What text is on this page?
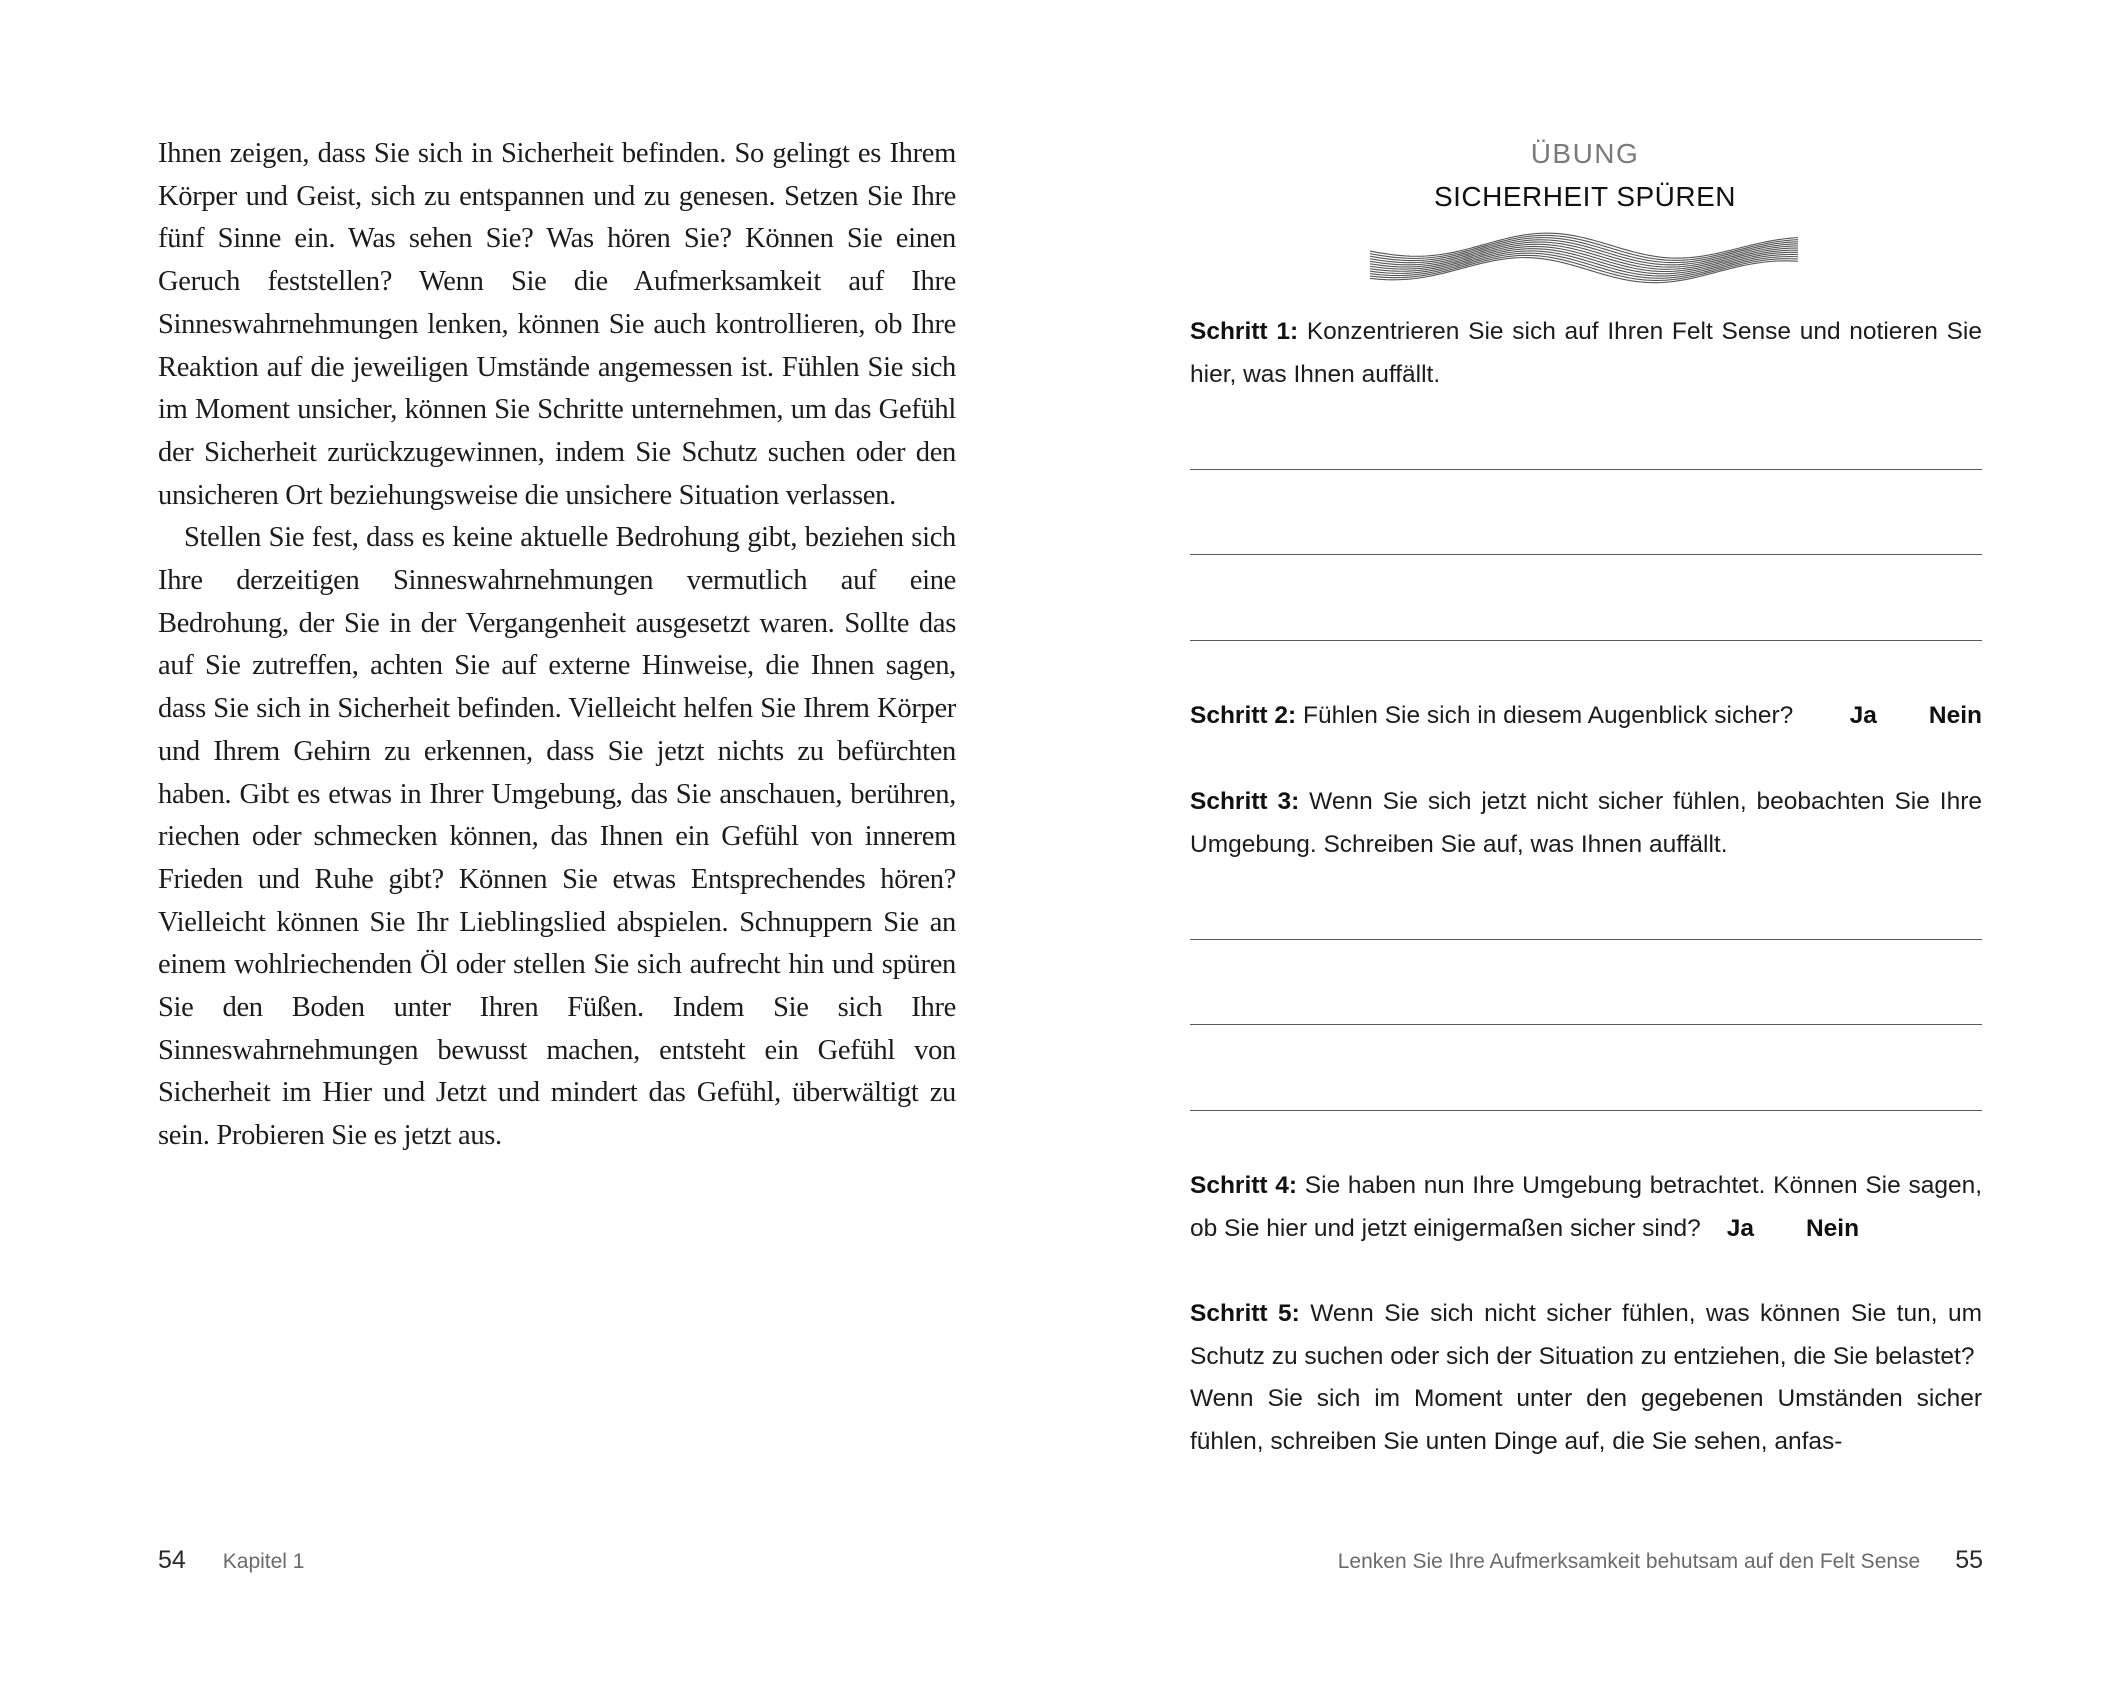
Ihnen zeigen, dass Sie sich in Sicherheit befinden. So gelingt es Ihrem Körper und Geist, sich zu entspannen und zu genesen. Setzen Sie Ihre fünf Sinne ein. Was sehen Sie? Was hören Sie? Können Sie einen Geruch feststellen? Wenn Sie die Aufmerksamkeit auf Ihre Sinneswahrnehmungen lenken, können Sie auch kontrollieren, ob Ihre Reaktion auf die jeweiligen Umstände angemessen ist. Fühlen Sie sich im Moment unsicher, können Sie Schritte unternehmen, um das Gefühl der Sicherheit zurückzugewinnen, indem Sie Schutz suchen oder den unsicheren Ort beziehungsweise die unsichere Situation verlassen.

Stellen Sie fest, dass es keine aktuelle Bedrohung gibt, beziehen sich Ihre derzeitigen Sinneswahrnehmungen vermutlich auf eine Bedrohung, der Sie in der Vergangenheit ausgesetzt waren. Sollte das auf Sie zutreffen, achten Sie auf externe Hinweise, die Ihnen sagen, dass Sie sich in Sicherheit befinden. Vielleicht helfen Sie Ihrem Körper und Ihrem Gehirn zu erkennen, dass Sie jetzt nichts zu befürchten haben. Gibt es etwas in Ihrer Umgebung, das Sie anschauen, berühren, riechen oder schmecken können, das Ihnen ein Gefühl von innerem Frieden und Ruhe gibt? Können Sie etwas Entsprechendes hören? Vielleicht können Sie Ihr Lieblingslied abspielen. Schnuppern Sie an einem wohlriechenden Öl oder stellen Sie sich aufrecht hin und spüren Sie den Boden unter Ihren Füßen. Indem Sie sich Ihre Sinneswahrnehmungen bewusst machen, entsteht ein Gefühl von Sicherheit im Hier und Jetzt und mindert das Gefühl, überwältigt zu sein. Probieren Sie es jetzt aus.

54 Kapitel 1
ÜBUNG
SICHERHEIT SPÜREN

Schritt 1: Konzentrieren Sie sich auf Ihren Felt Sense und notieren Sie hier, was Ihnen auffällt.

Schritt 2: Fühlen Sie sich in diesem Augenblick sicher?	Ja Nein

Schritt 3: Wenn Sie sich jetzt nicht sicher fühlen, beobachten Sie Ihre Umgebung. Schreiben Sie auf, was Ihnen auffällt.

Schritt 4: Sie haben nun Ihre Umgebung betrachtet. Können Sie sagen, ob Sie hier und jetzt einigermaßen sicher sind? Ja Nein

Schritt 5: Wenn Sie sich nicht sicher fühlen, was können Sie tun, um Schutz zu suchen oder sich der Situation zu entziehen, die Sie belastet?

Wenn Sie sich im Moment unter den gegebenen Umständen sicher fühlen, schreiben Sie unten Dinge auf, die Sie sehen, anfas-

Lenken Sie Ihre Aufmerksamkeit behutsam auf den Felt Sense 55
